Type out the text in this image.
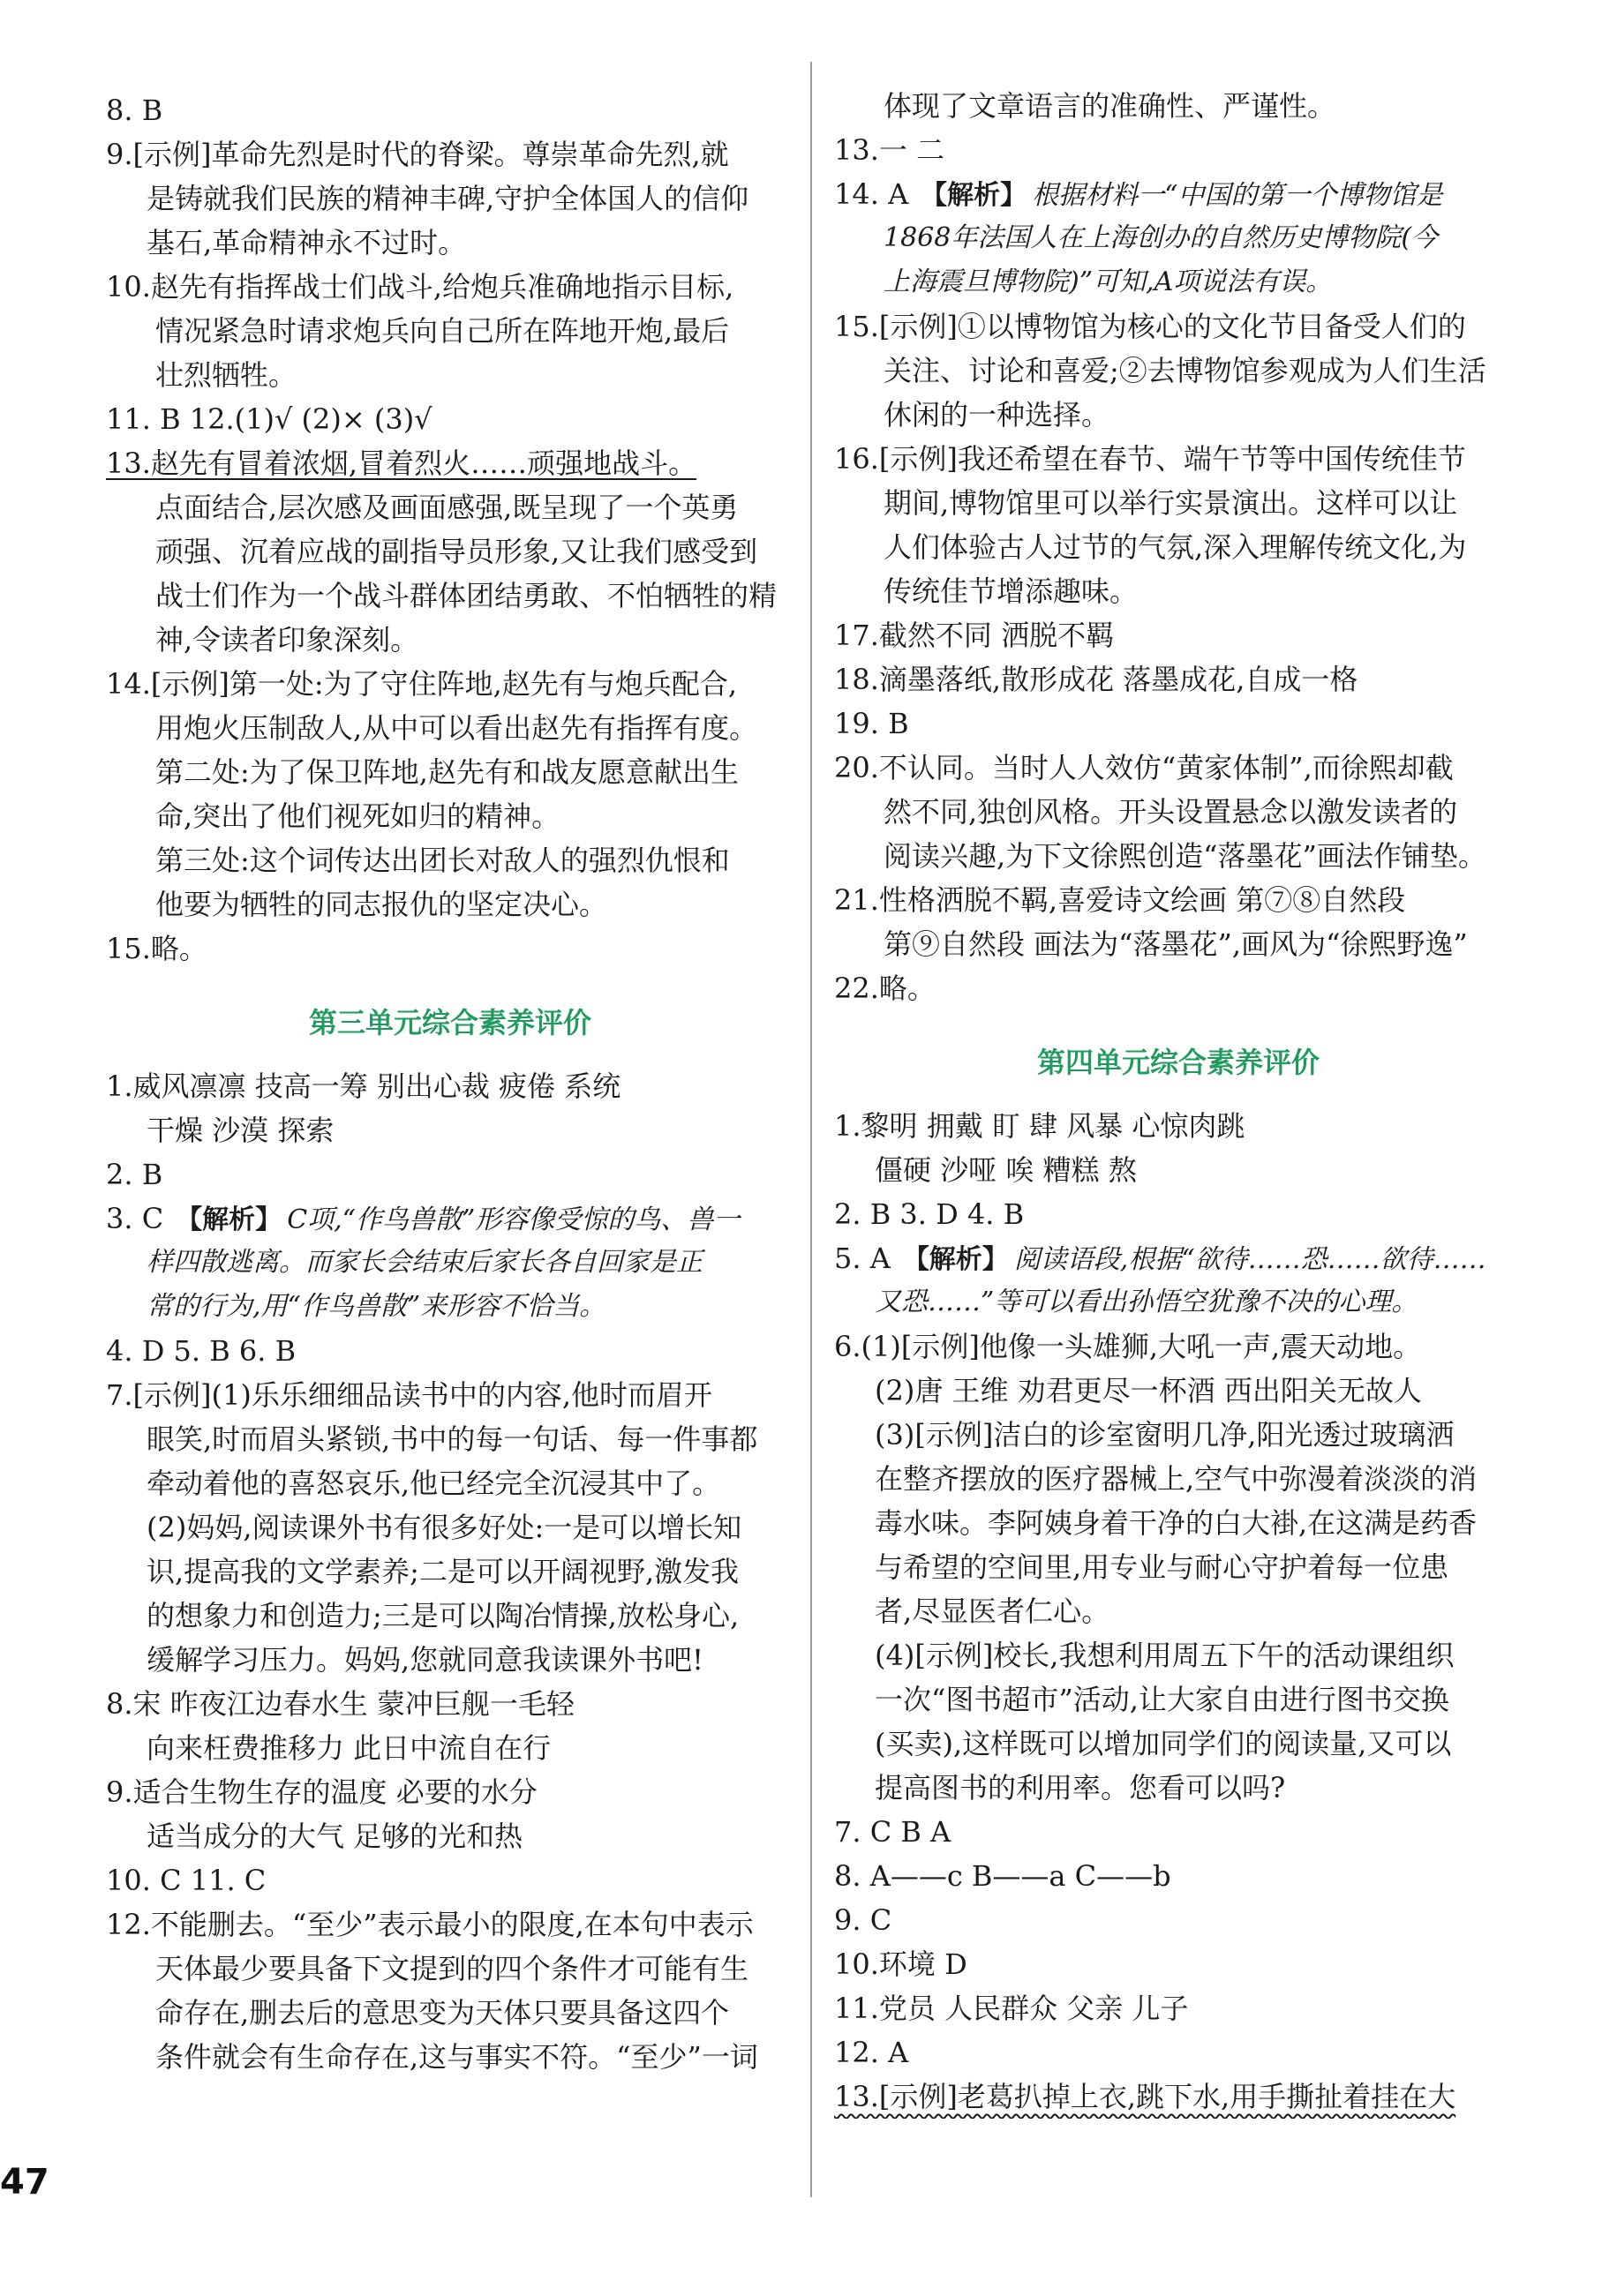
8. B
9.[示例]革命先烈是时代的脊梁。尊崇革命先烈,就
是铸就我们民族的精神丰碑,守护全体国人的信仰
基石,革命精神永不过时。
10.赵先有指挥战士们战斗,给炮兵准确地指示目标,
情况紧急时请求炮兵向自己所在阵地开炮,最后
壮烈牺牲。
11. B 12.(1)√ (2)× (3)√
13.赵先有冒着浓烟,冒着烈火……顽强地战斗。
点面结合,层次感及画面感强,既呈现了一个英勇
顽强、沉着应战的副指导员形象,又让我们感受到
战士们作为一个战斗群体团结勇敢、不怕牺牲的精
神,令读者印象深刻。
14.[示例]第一处:为了守住阵地,赵先有与炮兵配合,
用炮火压制敌人,从中可以看出赵先有指挥有度。
第二处:为了保卫阵地,赵先有和战友愿意献出生
命,突出了他们视死如归的精神。
第三处:这个词传达出团长对敌人的强烈仇恨和
他要为牺牲的同志报仇的坚定决心。
15.略。
第三单元综合素养评价
1.威风凛凛 技高一筹 别出心裁 疲倦 系统
干燥 沙漠 探索
2. B
3. C 【解析】 C项,“作鸟兽散”形容像受惊的鸟、兽一
样四散逃离。而家长会结束后家长各自回家是正
常的行为,用“作鸟兽散”来形容不恰当。
4. D 5. B 6. B
7.[示例](1)乐乐细细品读书中的内容,他时而眉开
眼笑,时而眉头紧锁,书中的每一句话、每一件事都
牵动着他的喜怒哀乐,他已经完全沉浸其中了。
(2)妈妈,阅读课外书有很多好处:一是可以增长知
识,提高我的文学素养;二是可以开阔视野,激发我
的想象力和创造力;三是可以陶冶情操,放松身心,
缓解学习压力。妈妈,您就同意我读课外书吧!
8.宋 昨夜江边春水生 蒙冲巨舰一毛轻
向来枉费推移力 此日中流自在行
9.适合生物生存的温度 必要的水分
适当成分的大气 足够的光和热
10. C 11. C
12.不能删去。“至少”表示最小的限度,在本句中表示
天体最少要具备下文提到的四个条件才可能有生
命存在,删去后的意思变为天体只要具备这四个
条件就会有生命存在,这与事实不符。“至少”一词
体现了文章语言的准确性、严谨性。
13.一 二
14. A 【解析】 根据材料一“中国的第一个博物馆是
1868年法国人在上海创办的自然历史博物院(今
上海震旦博物院)”可知,A项说法有误。
15.[示例]①以博物馆为核心的文化节目备受人们的
关注、讨论和喜爱;②去博物馆参观成为人们生活
休闲的一种选择。
16.[示例]我还希望在春节、端午节等中国传统佳节
期间,博物馆里可以举行实景演出。这样可以让
人们体验古人过节的气氛,深入理解传统文化,为
传统佳节增添趣味。
17.截然不同 洒脱不羁
18.滴墨落纸,散形成花 落墨成花,自成一格
19. B
20.不认同。当时人人效仿“黄家体制”,而徐熙却截
然不同,独创风格。开头设置悬念以激发读者的
阅读兴趣,为下文徐熙创造“落墨花”画法作铺垫。
21.性格洒脱不羁,喜爱诗文绘画 第⑦⑧自然段
第⑨自然段 画法为“落墨花”,画风为“徐熙野逸”
22.略。
第四单元综合素养评价
1.黎明 拥戴 盯 肆 风暴 心惊肉跳
僵硬 沙哑 唉 糟糕 熬
2. B 3. D 4. B
5. A 【解析】 阅读语段,根据“欲待……恐……欲待……
又恐……”等可以看出孙悟空犹豫不决的心理。
6.(1)[示例]他像一头雄狮,大吼一声,震天动地。
(2)唐 王维 劝君更尽一杯酒 西出阳关无故人
(3)[示例]洁白的诊室窗明几净,阳光透过玻璃洒
在整齐摆放的医疗器械上,空气中弥漫着淡淡的消
毒水味。李阿姨身着干净的白大褂,在这满是药香
与希望的空间里,用专业与耐心守护着每一位患
者,尽显医者仁心。
(4)[示例]校长,我想利用周五下午的活动课组织
一次“图书超市”活动,让大家自由进行图书交换
(买卖),这样既可以增加同学们的阅读量,又可以
提高图书的利用率。您看可以吗?
7. C B A
8. A——c B——a C——b
9. C
10.环境 D
11.党员 人民群众 父亲 儿子
12. A
13.[示例]老葛扒掉上衣,跳下水,用手撕扯着挂在大
47
